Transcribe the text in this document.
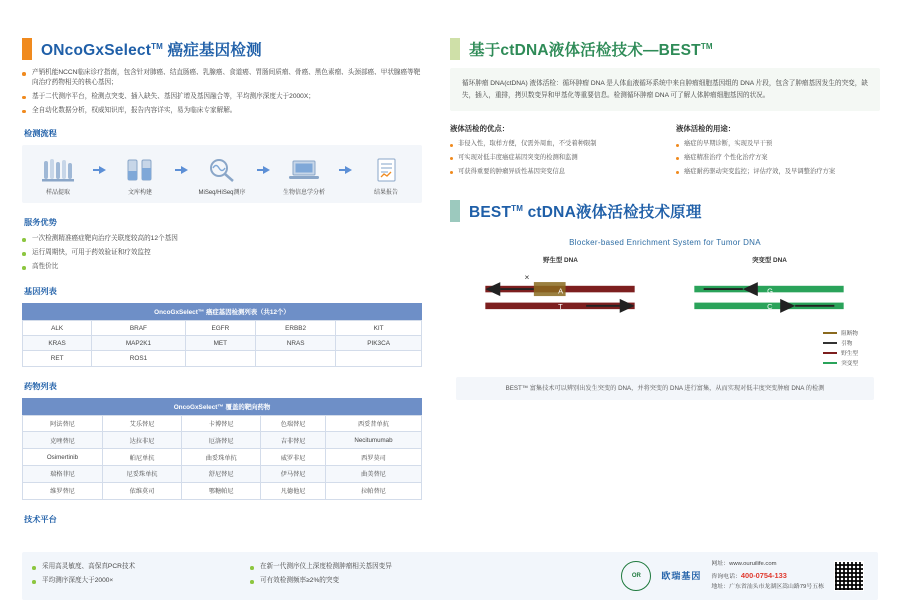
ONcoGxSelect™ 癌症基因检测
产销机能NCCN临床诊疗指南，包含针对肺癌、结直肠癌、乳腺癌、食道癌、胃肠间质瘤、骨癌、黑色素瘤、头颈部癌、甲状腺癌等靶向治疗药物相关的核心基因；
基于二代测序平台，检测点突变、插入缺失、基因扩增及基因融合等，平均测序深度大于2000X；
全自动化数据分析，权威知识库，报告内容详实，易为临床专家解解。
检测流程
样品提取	文库构建	MiSeq/HiSeq测序	生物信息学分析	结果报告
服务优势
一次检测精准癌症靶向治疗关联度较高的12个基因
运行周期快，可用于药效验证和疗效监控
高性价比
基因列表
OncoGxSelect™ 癌症基因检测列表（共12个）
ALK	BRAF	EGFR	ERBB2	KIT
KRAS	MAP2K1	MET	NRAS	PIK3CA
RET	ROS1			
药物列表
OncoGxSelect™ 覆盖的靶向药物
阿法替尼	艾乐替尼	卡博替尼	色瑞替尼	西妥昔单抗
克唑替尼	达拉非尼	厄洛替尼	吉非替尼	Necitumumab
Osimertinib	帕尼单抗	曲妥珠单抗	威罗非尼	西罗莫司
瑞格菲尼	尼妥珠单抗	舒尼替尼	伊马替尼	曲美替尼
维罗替尼	依维莫司	鄂糖帕尼	凡德他尼	拉帕替尼
技术平台
基于ctDNA液体活检技术—BEST™
循环肿瘤 DNA(ctDNA) 液体活检：循环肿瘤 DNA 是人体血液循环系统中来自肿瘤细胞基因组的 DNA 片段，包含了肿瘤基因发生的突变，缺失，插入，重排，拷贝数变异和甲基化等重要信息。检测循环肿瘤 DNA 可了解人体肿瘤细胞基因的状况。
液体活检的优点：
非侵入性，取样方便，仅需外周血，不受着种限制
可实现对低丰度癌症基因突变的检测和监测
可获得重要的肿瘤异质性基因突变信息
液体活检的用途：
癌症的早期诊断，实现及早干预
癌症精准治疗 个性化治疗方案
癌症耐药驱动突变监控；评估疗效，及早调整治疗方案
BEST™ ctDNA液体活检技术原理
Blocker-based Enrichment System for Tumor DNA
野生型 DNA
×
A
T
突变型 DNA
G
C
阻断物
引物
野生型
突变型
BEST™ 富集技术可以辨别出发生突变的 DNA，并将突变的 DNA 进行富集，从而实现对低丰度突变肿瘤 DNA 的检测
采用高灵敏度、高保真PCR技术
平均测序深度大于2000×
在新一代测序仪上深度检测肿瘤相关基因变异
可有效检测频率≥2%的突变
OR 欧瑞基因
网址：www.ouruilife.com
咨询电话：400-0754-133
地址：广东省汕头市龙湖区嵩山路79号五栋
